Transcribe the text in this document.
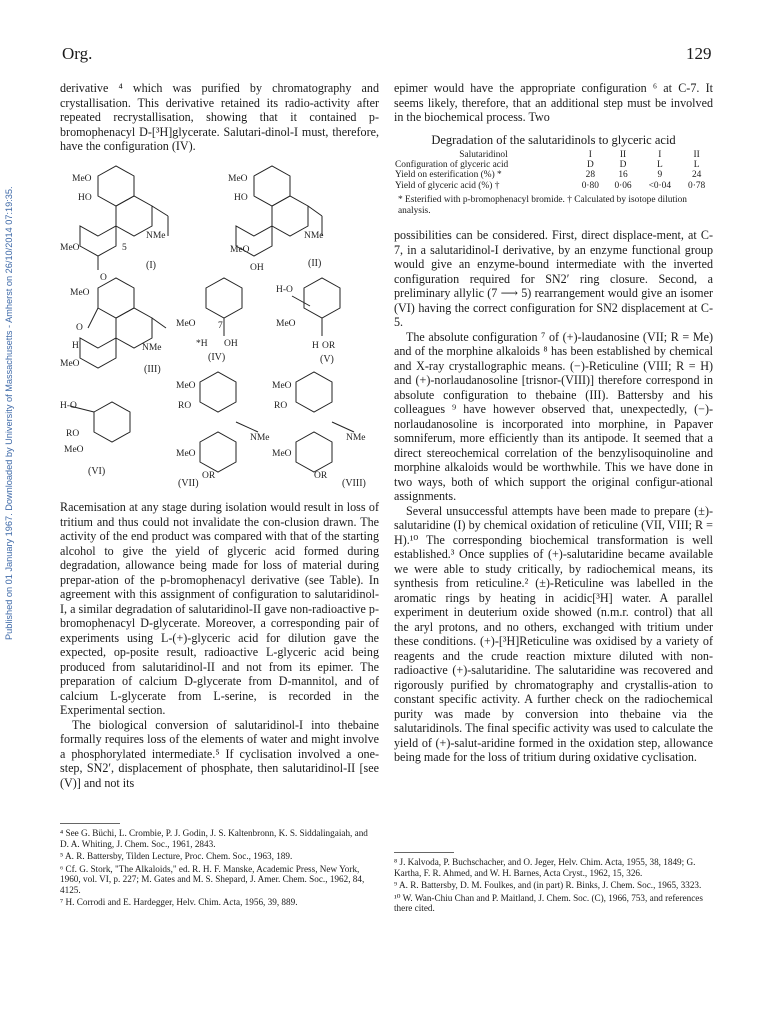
Published on 01 January 1967. Downloaded by University of Massachusetts - Amherst on 26/10/2014 07:19:35.
Org.	129

derivative ⁴ which was purified by chromatography and crystallisation. This derivative retained its radio-activity after repeated recrystallisation, showing that it contained p-bromophenacyl D-[³H]glycerate. Salutari-dinol-I must, therefore, have the configuration (IV).

MeO
HO
NMe
MeO
O
5
(I)
MeO
HO
NMe
MeO
OH	(II)
MeO
O
NMe
H
MeO	(III)
MeO 7
*H OH
(IV)
H-O
MeO
H OR
(V)
H-O
RO
MeO
(VI)
MeO
RO
NMe
MeO
OR
(VII)
MeO
RO
NMe
MeO
OR
(VIII)

Racemisation at any stage during isolation would result in loss of tritium and thus could not invalidate the con-clusion drawn. The activity of the end product was compared with that of the starting alcohol to give the yield of glyceric acid formed during degradation, allowance being made for loss of material during prepar-ation of the p-bromophenacyl derivative (see Table). In agreement with this assignment of configuration to salutaridinol-I, a similar degradation of salutaridinol-II gave non-radioactive p-bromophenacyl D-glycerate. Moreover, a corresponding pair of experiments using L-(+)-glyceric acid for dilution gave the expected, op-posite result, radioactive L-glyceric acid being produced from salutaridinol-II and not from its epimer. The preparation of calcium D-glycerate from D-mannitol, and of calcium L-glycerate from L-serine, is recorded in the Experimental section.

The biological conversion of salutaridinol-I into thebaine formally requires loss of the elements of water and might involve a phosphorylated intermediate.⁵ If cyclisation involved a one-step, SN2′, displacement of phosphate, then salutaridinol-II [see (V)] and not its

⁴ See G. Büchi, L. Crombie, P. J. Godin, J. S. Kaltenbronn, K. S. Siddalingaiah, and D. A. Whiting, J. Chem. Soc., 1961, 2843.

⁵ A. R. Battersby, Tilden Lecture, Proc. Chem. Soc., 1963, 189.

⁶ Cf. G. Stork, "The Alkaloids," ed. R. H. F. Manske, Academic Press, New York, 1960, vol. VI, p. 227; M. Gates and M. S. Shepard, J. Amer. Chem. Soc., 1962, 84, 4125.

⁷ H. Corrodi and E. Hardegger, Helv. Chim. Acta, 1956, 39, 889.

epimer would have the appropriate configuration ⁶ at C-7. It seems likely, therefore, that an additional step must be involved in the biochemical process. Two

Degradation of the salutaridinols to glyceric acid
Salutaridinol	I	II	I	II
Configuration of glyceric acid	D	D	L	L
Yield on esterification (%) *	28	16	9	24
Yield of glyceric acid (%) †	0·80	0·06	<0·04	0·78
* Esterified with p-bromophenacyl bromide. † Calculated by isotope dilution analysis.

possibilities can be considered. First, direct displace-ment, at C-7, in a salutaridinol-I derivative, by an enzyme functional group would give an enzyme-bound intermediate with the inverted configuration required for SN2′ ring closure. Second, a preliminary allylic (7 ⟶ 5) rearrangement would give an isomer (VI) having the correct configuration for SN2 displacement at C-5.

The absolute configuration ⁷ of (+)-laudanosine (VII; R = Me) and of the morphine alkaloids ⁸ has been established by chemical and X-ray crystallographic means. (−)-Reticuline (VIII; R = H) and (+)-norlaudanosoline [trisnor-(VIII)] therefore correspond in absolute configuration to thebaine (III). Battersby and his colleagues ⁹ have however observed that, unexpectedly, (−)-norlaudanosoline is incorporated into morphine, in Papaver somniferum, more efficiently than its antipode. It seemed that a direct stereochemical correlation of the benzylisoquinoline and morphine alkaloids would be worthwhile. This we have done in two ways, both of which support the original configur-ational assignments.

Several unsuccessful attempts have been made to prepare (±)-salutaridine (I) by chemical oxidation of reticuline (VII, VIII; R = H).¹⁰ The corresponding biochemical transformation is well established.³ Once supplies of (+)-salutaridine became available we were able to study critically, by radiochemical means, its synthesis from reticuline.² (±)-Reticuline was labelled in the aromatic rings by heating in acidic[³H] water. A parallel experiment in deuterium oxide showed (n.m.r. control) that all the aryl protons, and no others, exchanged with tritium under these conditions. (+)-[³H]Reticuline was oxidised by a variety of reagents and the crude reaction mixture diluted with non-radioactive (+)-salutaridine. The salutaridine was recovered and rigorously purified by chromatography and crystallis-ation to constant specific activity. A further check on the radiochemical purity was made by conversion into thebaine via the salutaridinols. The final specific activity was used to calculate the yield of (+)-salut-aridine formed in the oxidation step, allowance being made for the loss of tritium during oxidative cyclisation.

⁸ J. Kalvoda, P. Buchschacher, and O. Jeger, Helv. Chim. Acta, 1955, 38, 1849; G. Kartha, F. R. Ahmed, and W. H. Barnes, Acta Cryst., 1962, 15, 326.

⁹ A. R. Battersby, D. M. Foulkes, and (in part) R. Binks, J. Chem. Soc., 1965, 3323.

¹⁰ W. Wan-Chiu Chan and P. Maitland, J. Chem. Soc. (C), 1966, 753, and references there cited.
